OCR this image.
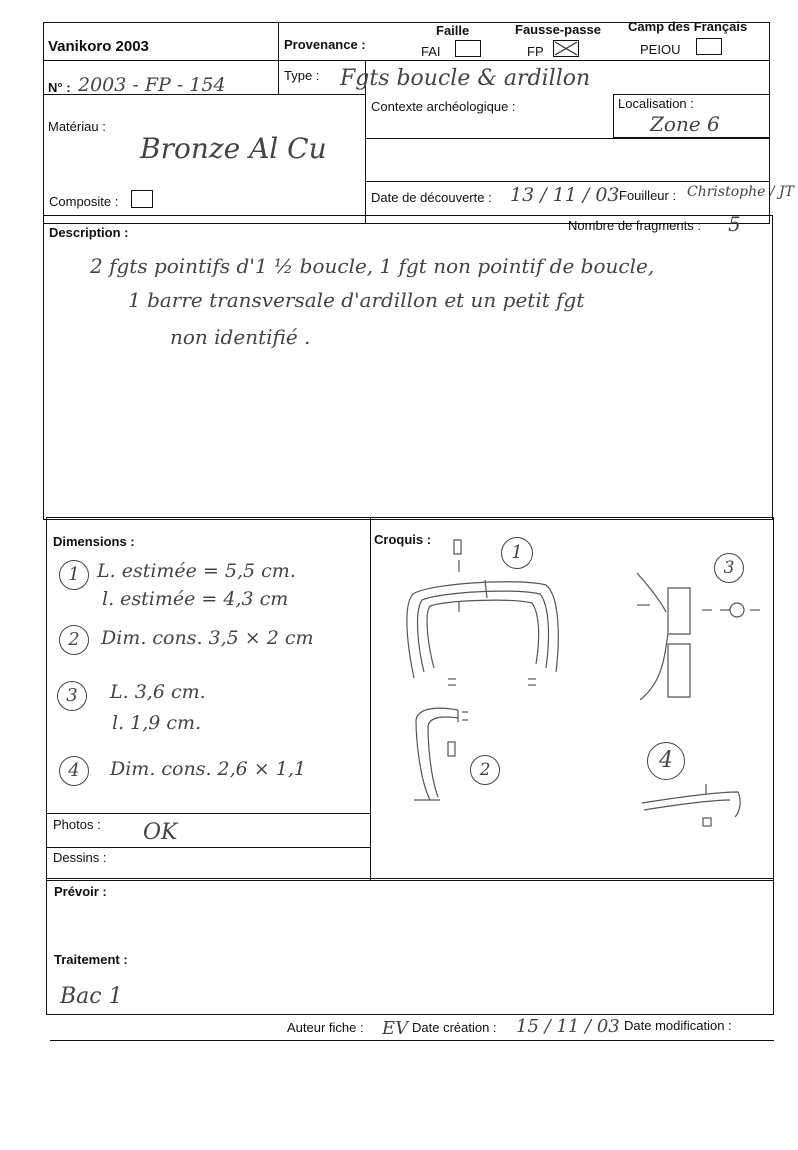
Vanikoro 2003	Provenance :
Faille
FAI
Fausse-passe
FP
Camp des Français
PEIOU
N° : 2003 - FP - 154	Type : Fgts boucle & ardillon
Matériau :
Bronze Al Cu
Composite :
Contexte archéologique :	Localisation :
Zone 6
Date de découverte : 13 / 11 / 03 Fouilleur : Christophe / JT
Description :	Nombre de fragments : 5
2 fgts pointifs d'1 ½ boucle, 1 fgt non pointif de boucle,
1 barre transversale d'ardillon et un petit fgt
non identifié .
Dimensions :
1 L. estimée = 5,5 cm.
l. estimée = 4,3 cm
2	Dim. cons. 3,5 × 2 cm
3	L. 3,6 cm.
l. 1,9 cm.
4	Dim. cons. 2,6 × 1,1
Photos : OK
Dessins :
Croquis :
1
2
3
4
Prévoir :
Traitement :
Bac 1
Auteur fiche : EV Date création : 15 / 11 / 03 Date modification :
